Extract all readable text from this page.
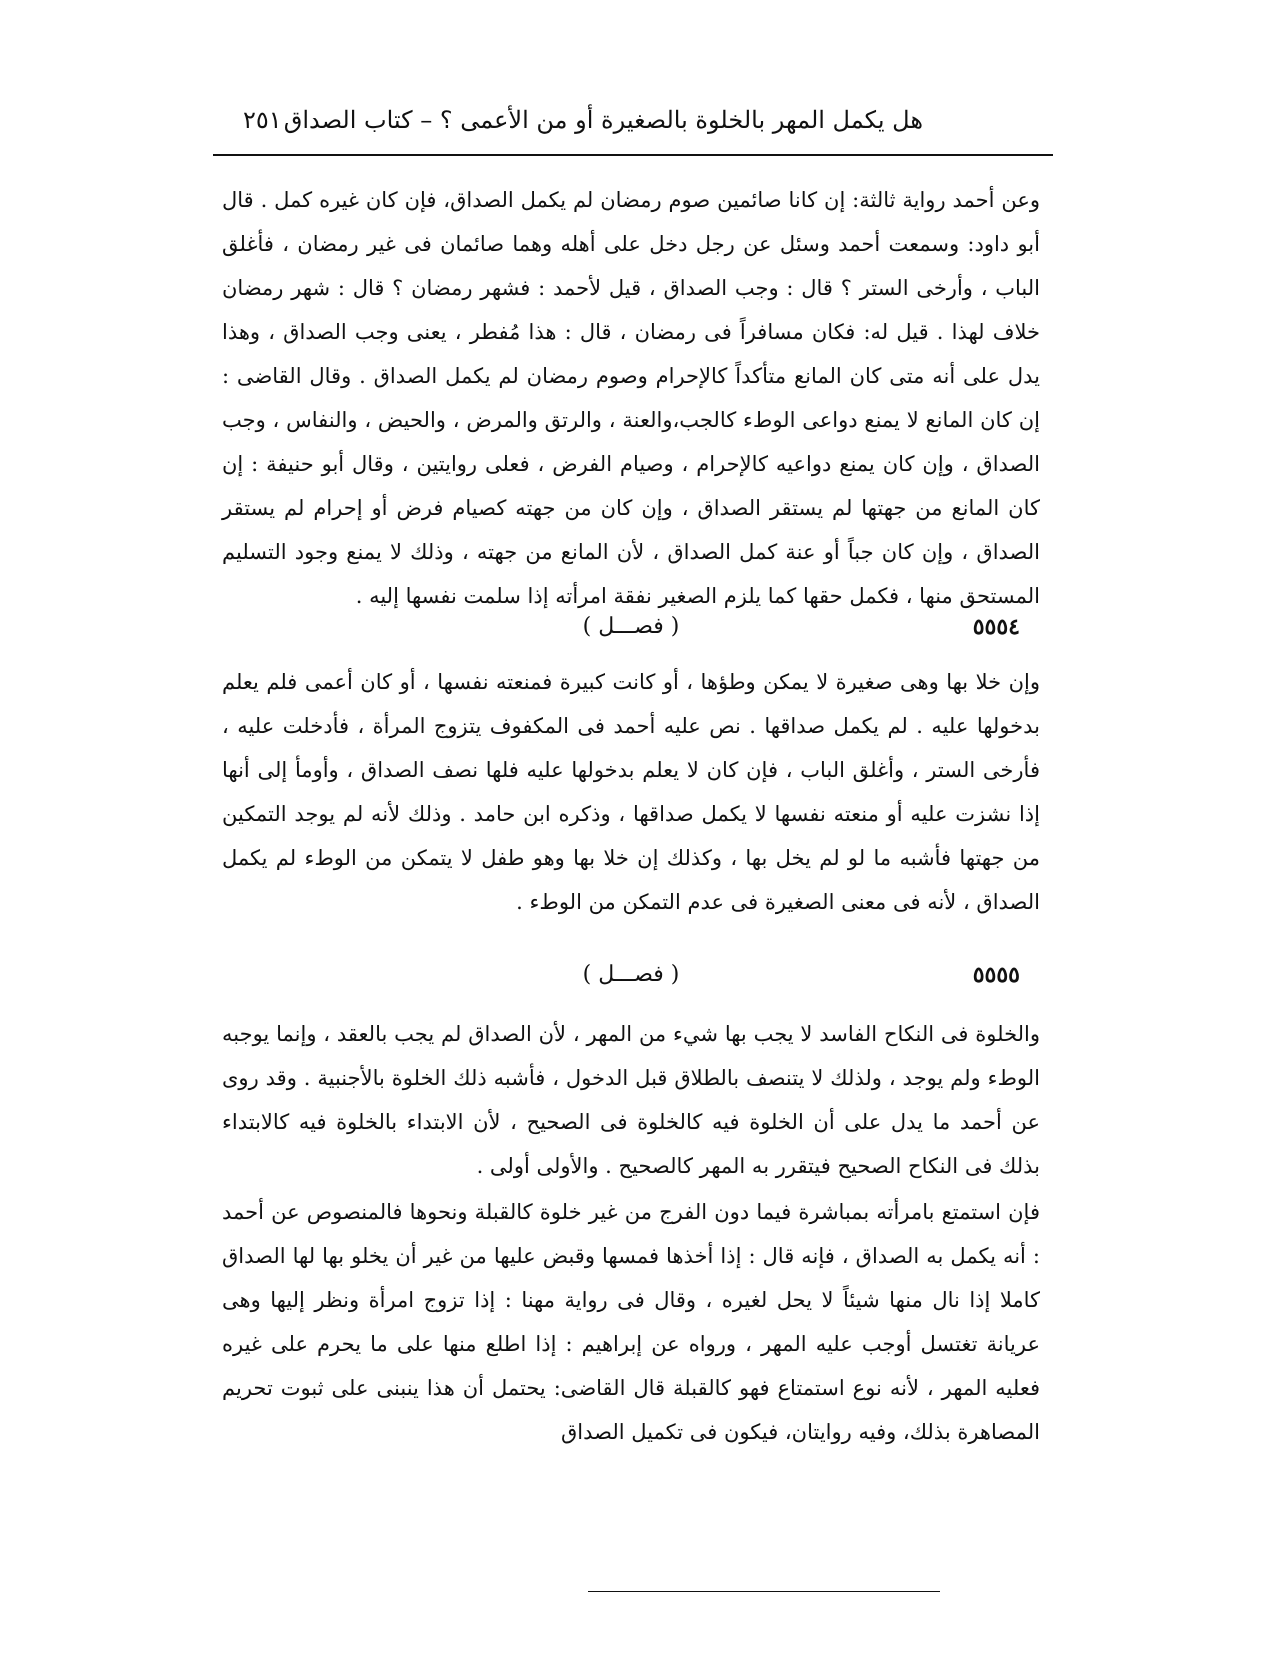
هل يكمل المهر بالخلوة بالصغيرة أو من الأعمى ؟ – كتاب الصداق
٢٥١
وعن أحمد رواية ثالثة: إن كانا صائمين صوم رمضان لم يكمل الصداق، فإن كان غيره كمل . قال أبو داود: وسمعت أحمد وسئل عن رجل دخل على أهله وهما صائمان فى غير رمضان ، فأغلق الباب ، وأرخى الستر ؟ قال : وجب الصداق ، قيل لأحمد : فشهر رمضان ؟ قال : شهر رمضان خلاف لهذا . قيل له: فكان مسافراً فى رمضان ، قال : هذا مُفطر ، يعنى وجب الصداق ، وهذا يدل على أنه متى كان المانع متأكداً كالإحرام وصوم رمضان لم يكمل الصداق . وقال القاضى : إن كان المانع لا يمنع دواعى الوطء كالجب،والعنة ، والرتق والمرض ، والحيض ، والنفاس ، وجب الصداق ، وإن كان يمنع دواعيه كالإحرام ، وصيام الفرض ، فعلى روايتين ، وقال أبو حنيفة : إن كان المانع من جهتها لم يستقر الصداق ، وإن كان من جهته كصيام فرض أو إحرام لم يستقر الصداق ، وإن كان جباً أو عنة كمل الصداق ، لأن المانع من جهته ، وذلك لا يمنع وجود التسليم المستحق منها ، فكمل حقها كما يلزم الصغير نفقة امرأته إذا سلمت نفسها إليه .
٥٥٥٤
( فصـــل )
وإن خلا بها وهى صغيرة لا يمكن وطؤها ، أو كانت كبيرة فمنعته نفسها ، أو كان أعمى فلم يعلم بدخولها عليه . لم يكمل صداقها . نص عليه أحمد فى المكفوف يتزوج المرأة ، فأدخلت عليه ، فأرخى الستر ، وأغلق الباب ، فإن كان لا يعلم بدخولها عليه فلها نصف الصداق ، وأومأ إلى أنها إذا نشزت عليه أو منعته نفسها لا يكمل صداقها ، وذكره ابن حامد . وذلك لأنه لم يوجد التمكين من جهتها فأشبه ما لو لم يخل بها ، وكذلك إن خلا بها وهو طفل لا يتمكن من الوطء لم يكمل الصداق ، لأنه فى معنى الصغيرة فى عدم التمكن من الوطء .
٥٥٥٥
( فصـــل )
والخلوة فى النكاح الفاسد لا يجب بها شيء من المهر ، لأن الصداق لم يجب بالعقد ، وإنما يوجبه الوطء ولم يوجد ، ولذلك لا يتنصف بالطلاق قبل الدخول ، فأشبه ذلك الخلوة بالأجنبية . وقد روى عن أحمد ما يدل على أن الخلوة فيه كالخلوة فى الصحيح ، لأن الابتداء بالخلوة فيه كالابتداء بذلك فى النكاح الصحيح فيتقرر به المهر كالصحيح . والأولى أولى .
فإن استمتع بامرأته بمباشرة فيما دون الفرج من غير خلوة كالقبلة ونحوها فالمنصوص عن أحمد : أنه يكمل به الصداق ، فإنه قال : إذا أخذها فمسها وقبض عليها من غير أن يخلو بها لها الصداق كاملا إذا نال منها شيئاً لا يحل لغيره ، وقال فى رواية مهنا : إذا تزوج امرأة ونظر إليها وهى عريانة تغتسل أوجب عليه المهر ، ورواه عن إبراهيم : إذا اطلع منها على ما يحرم على غيره فعليه المهر ، لأنه نوع استمتاع فهو كالقبلة قال القاضى: يحتمل أن هذا ينبنى على ثبوت تحريم المصاهرة بذلك، وفيه روايتان، فيكون فى تكميل الصداق
